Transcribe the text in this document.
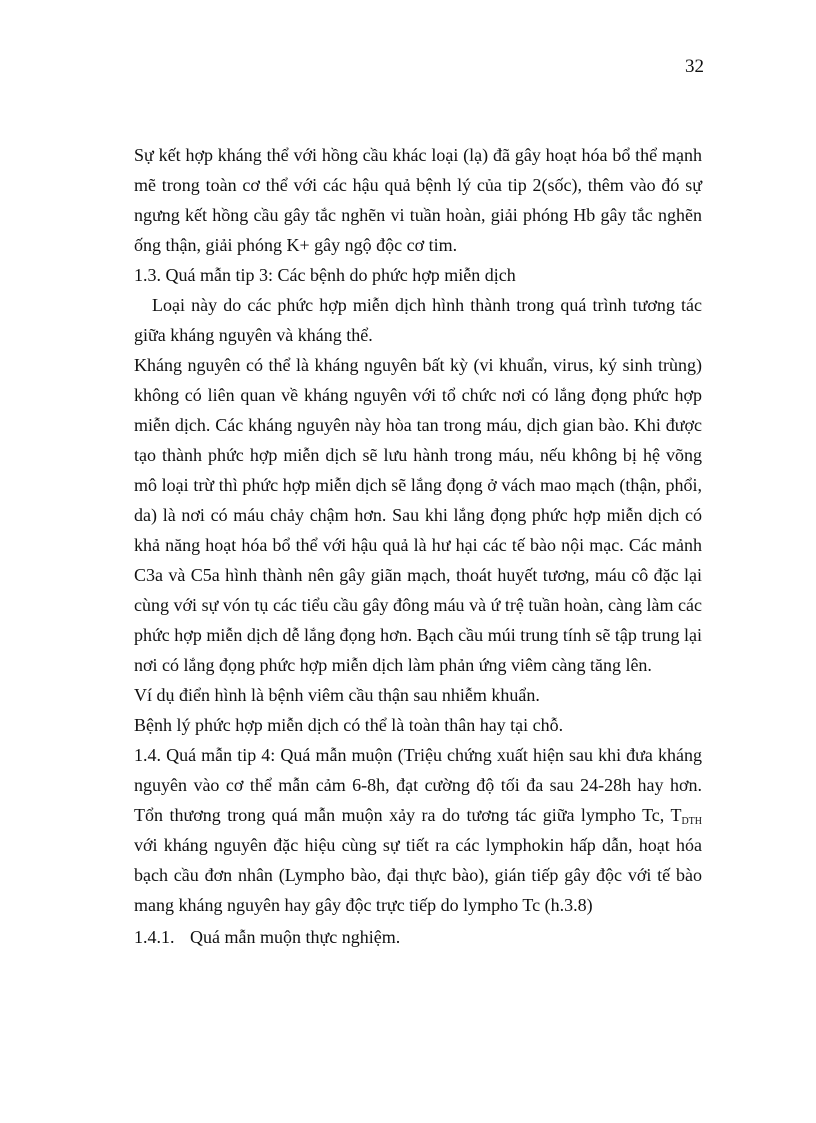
32

Sự kết hợp kháng thể với hồng cầu khác loại (lạ) đã gây hoạt hóa bổ thể mạnh mẽ trong toàn cơ thể với các hậu quả bệnh lý của tip 2(sốc), thêm vào đó sự ngưng kết hồng cầu gây tắc nghẽn vi tuần hoàn, giải phóng Hb gây tắc nghẽn ống thận, giải phóng K+ gây ngộ độc cơ tim.

1.3. Quá mẫn tip 3: Các bệnh do phức hợp miễn dịch

Loại này do các phức hợp miễn dịch hình thành trong quá trình tương tác giữa kháng nguyên và kháng thể.

Kháng nguyên có thể là kháng nguyên bất kỳ (vi khuẩn, virus, ký sinh trùng) không có liên quan về kháng nguyên với tổ chức nơi có lắng đọng phức hợp miễn dịch. Các kháng nguyên này hòa tan trong máu, dịch gian bào. Khi được tạo thành phức hợp miễn dịch sẽ lưu hành trong máu, nếu không bị hệ võng mô loại trừ thì phức hợp miễn dịch sẽ lắng đọng ở vách mao mạch (thận, phổi, da) là nơi có máu chảy chậm hơn. Sau khi lắng đọng phức hợp miễn dịch có khả năng hoạt hóa bổ thể với hậu quả là hư hại các tế bào nội mạc. Các mảnh C3a và C5a hình thành nên gây giãn mạch, thoát huyết tương, máu cô đặc lại cùng với sự vón tụ các tiểu cầu gây đông máu và ứ trệ tuần hoàn, càng làm các phức hợp miễn dịch dễ lắng đọng hơn. Bạch cầu múi trung tính sẽ tập trung lại nơi có lắng đọng phức hợp miễn dịch làm phản ứng viêm càng tăng lên.

Ví dụ điển hình là bệnh viêm cầu thận sau nhiễm khuẩn.

Bệnh lý phức hợp miễn dịch có thể là toàn thân hay tại chỗ.

1.4. Quá mẫn tip 4: Quá mẫn muộn (Triệu chứng xuất hiện sau khi đưa kháng nguyên vào cơ thể mẫn cảm 6-8h, đạt cường độ tối đa sau 24-28h hay hơn. Tổn thương trong quá mẫn muộn xảy ra do tương tác giữa lympho Tc, $T_{DTH}$ với kháng nguyên đặc hiệu cùng sự tiết ra các lymphokin hấp dẫn, hoạt hóa bạch cầu đơn nhân (Lympho bào, đại thực bào), gián tiếp gây độc với tế bào mang kháng nguyên hay gây độc trực tiếp do lympho Tc (h.3.8)

1.4.1. Quá mẫn muộn thực nghiệm.
